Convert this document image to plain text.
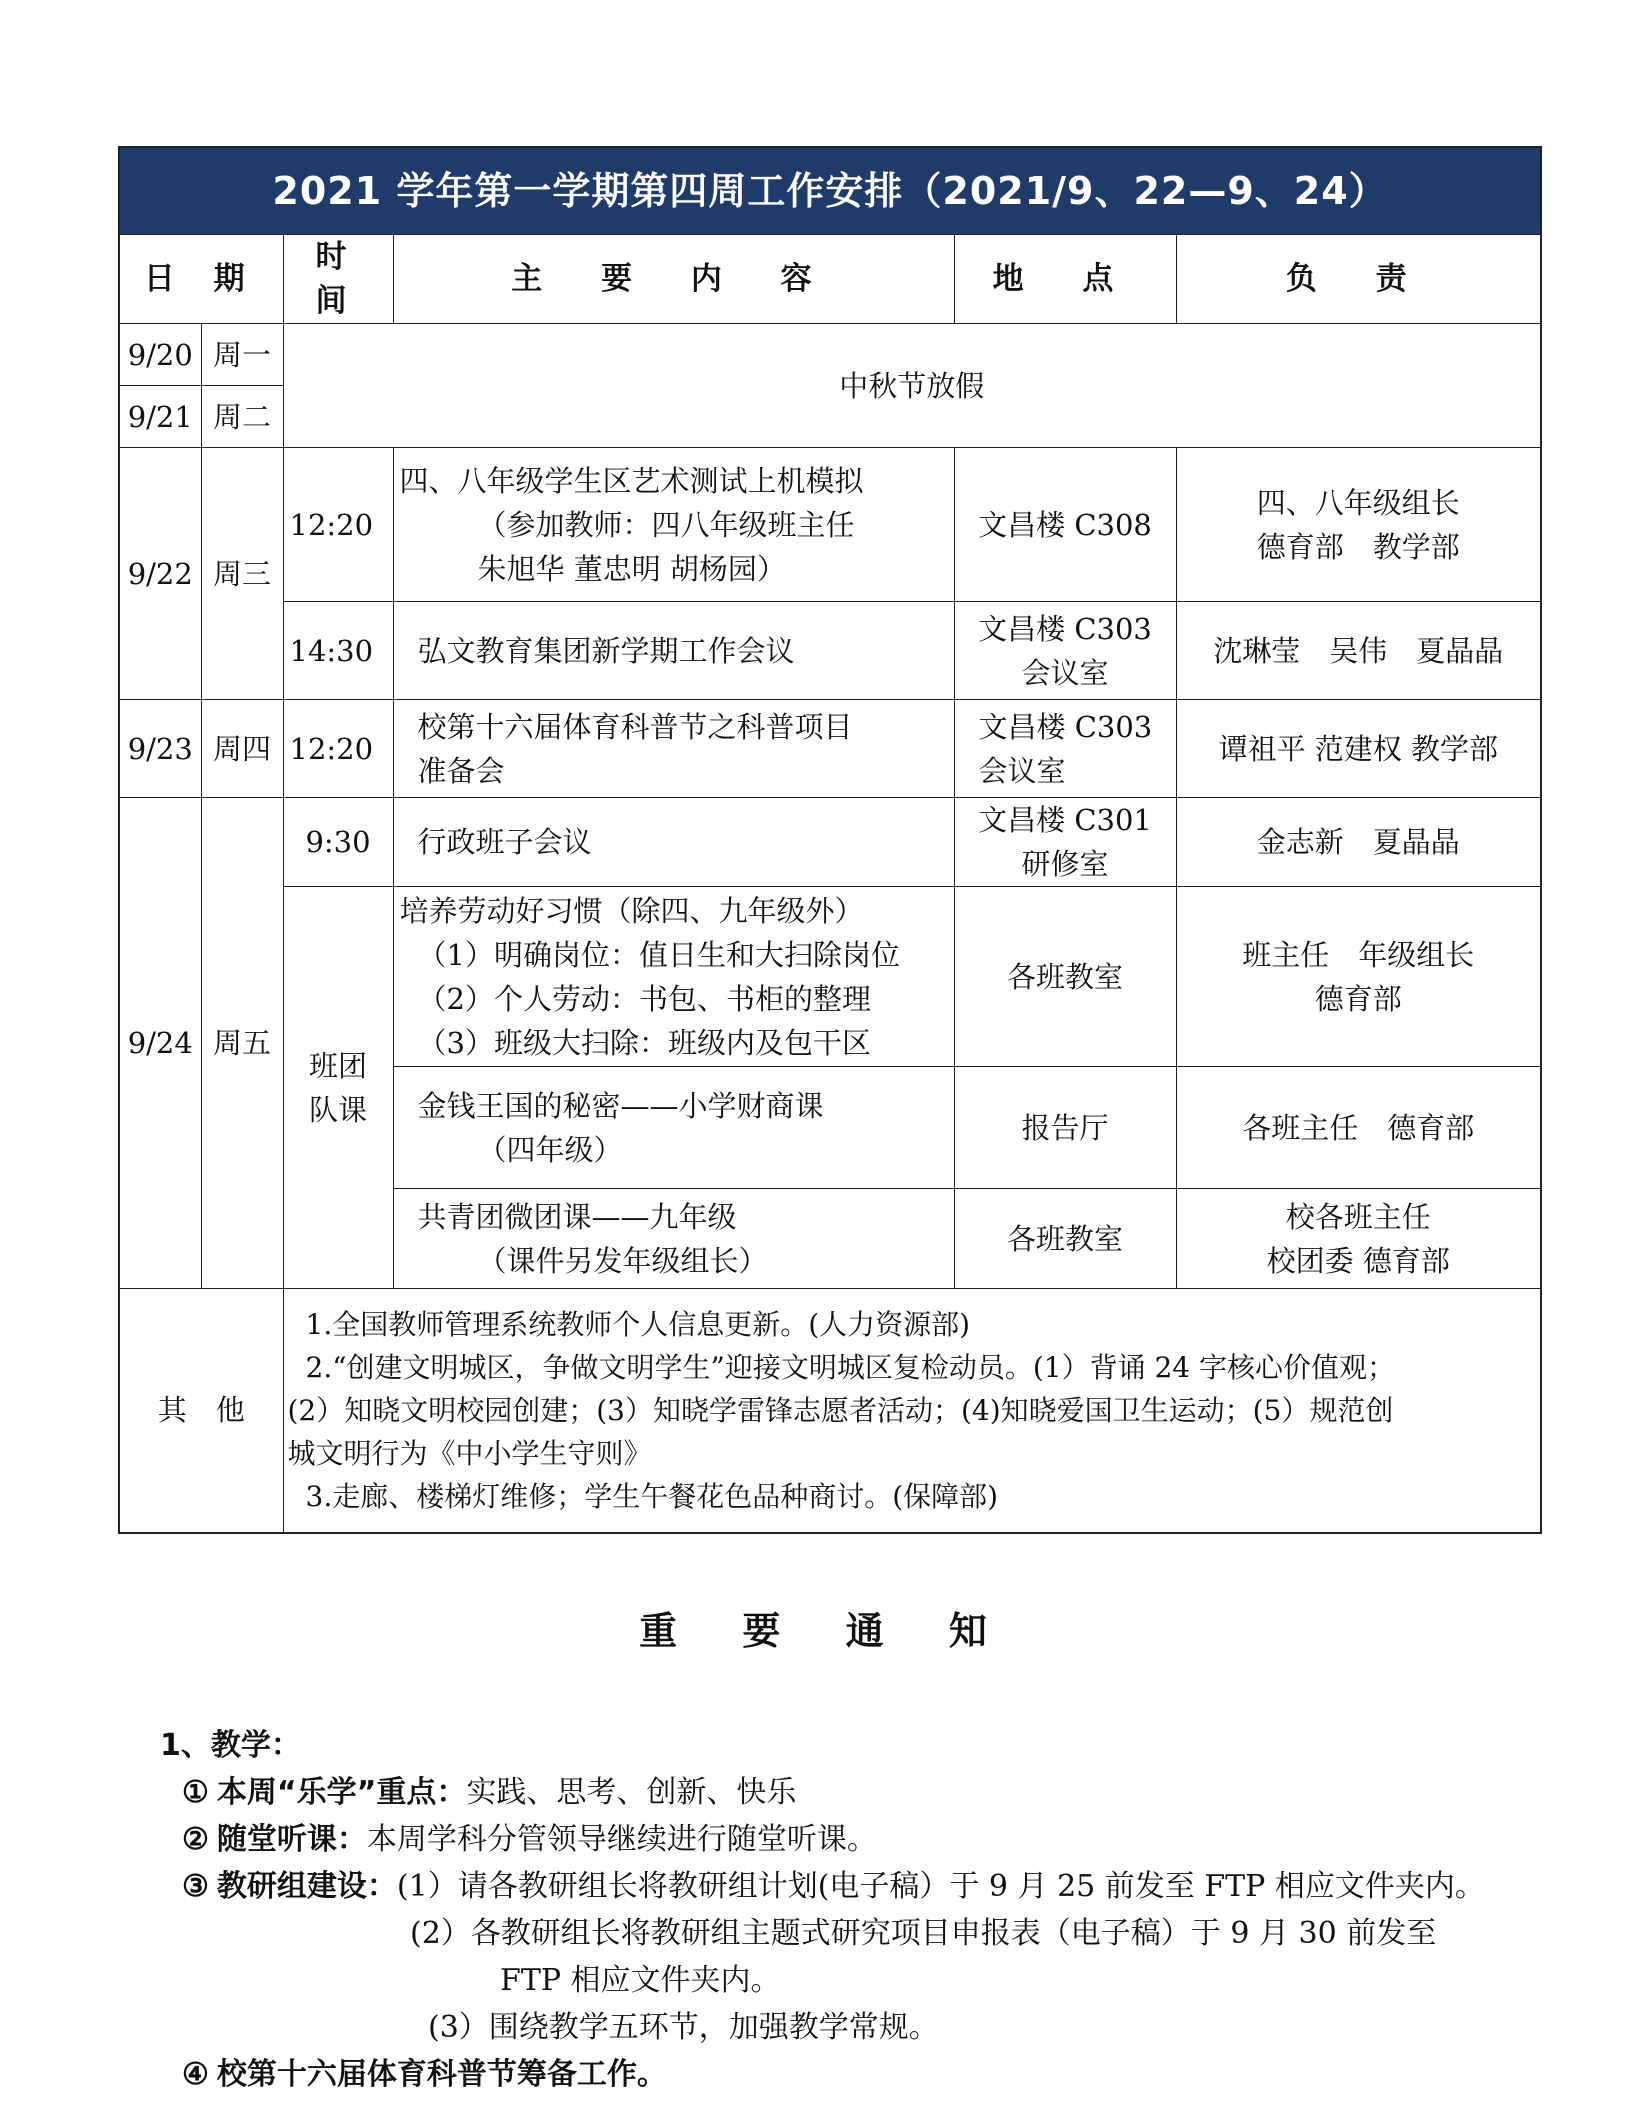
2021 学年第一学期第四周工作安排（2021/9、22—9、24）					
日 期		时 间	主 要 内 容	地 点	负 责
9/20	周一	中秋节放假			
9/21	周二				
9/22	周三	12:20	四、八年级学生区艺术测试上机模拟
（参加教师：四八年级班主任
朱旭华 董忠明 胡杨园）	文昌楼 C308	四、八年级组长
德育部　教学部

		14:30	弘文教育集团新学期工作会议	文昌楼 C303
会议室	沈琳莹　吴伟　夏晶晶
9/23	周四	12:20	校第十六届体育科普节之科普项目
准备会	文昌楼 C303
会议室	谭祖平 范建权 教学部
9/24	周五	9:30	行政班子会议	文昌楼 C301
研修室	金志新　夏晶晶

		班团
队课	培养劳动好习惯（除四、九年级外）
（1）明确岗位：值日生和大扫除岗位
（2）个人劳动：书包、书柜的整理
（3）班级大扫除：班级内及包干区	各班教室	班主任　年级组长
德育部

			金钱王国的秘密——小学财商课
（四年级）	报告厅	各班主任　德育部

			共青团微团课——九年级
（课件另发年级组长）	各班教室	校各班主任
校团委 德育部

其　他		1.全国教师管理系统教师个人信息更新。(人力资源部)
2.“创建文明城区，争做文明学生”迎接文明城区复检动员。(1）背诵 24 字核心价值观；
(2）知晓文明校园创建；(3）知晓学雷锋志愿者活动；(4)知晓爱国卫生运动；(5）规范创
城文明行为《中小学生守则》
3.走廊、楼梯灯维修；学生午餐花色品种商讨。(保障部)			
重 要 通 知
1、教学：
① 本周“乐学”重点：实践、思考、创新、快乐
② 随堂听课：本周学科分管领导继续进行随堂听课。
③ 教研组建设：(1）请各教研组长将教研组计划(电子稿）于 9 月 25 前发至 FTP 相应文件夹内。
(2）各教研组长将教研组主题式研究项目申报表（电子稿）于 9 月 30 前发至
FTP 相应文件夹内。
(3）围绕教学五环节，加强教学常规。
④ 校第十六届体育科普节筹备工作。
